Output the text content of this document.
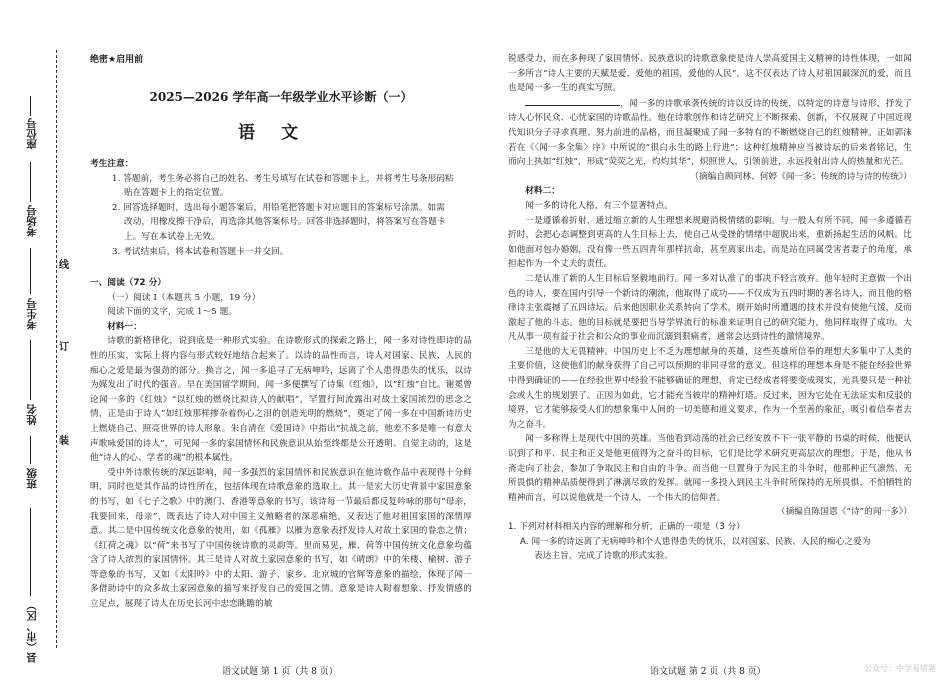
座位号
考场号
考生号
姓名
班级
县（市、区）
线
订
装
绝密★启用前
2025—2026 学年高一年级学业水平诊断（一）
语文

考生注意：

1. 答题前，考生务必将自己的姓名、考生号填写在试卷和答题卡上，并将考生号条形码粘

贴在答题卡上的指定位置。

2. 回答选择题时，选出每小题答案后，用铅笔把答题卡对应题目的答案标号涂黑。如需

改动，用橡皮擦干净后，再选涂其他答案标号。回答非选择题时，将答案写在答题卡

上。写在本试卷上无效。

3. 考试结束后，将本试卷和答题卡一并交回。

一、阅读（72 分）

（一）阅读 Ⅰ（本题共 5 小题，19 分）

阅读下面的文字，完成 1～5 题。

材料一：

诗歌的新格律化，说到底是一种形式实验。在诗歌形式的探索之路上，闻一多对诗性即诗的品性的压实，实际上将内容与形式较好地结合起来了。以诗的品性而言，诗人对国家、民族、人民的痴心之爱是最为强劲的部分。换言之，闻一多追寻了无病呻吟，远离了个人患得患失的忧乐，以诗为媒发出了时代的强音。早在美国留学期间，闻一多便撰写了诗集《红烛》，以“红烛”自比。谢冕曾论闻一多的《红烛》“以红烛的燃烧比拟诗人的献唱”，罕置行间流露出对故土家国浓烈的思念之情，正是由于诗人“如红烛那样掺杂着伤心之泪的创造光明的燃烧”，奠定了闻一多在中国新诗历史上燃烧自己、照亮世界的诗人形象。朱自清在《爱国诗》中指出“抗战之前，他差不多是唯一有意大声歌咏爱国的诗人”，可见闻一多的家国情怀和民族意识从始至终都是公开透明、自觉主动的，这是他“诗人的心、学者的魂”的根本属性。

受中外诗歌传统的深远影响，闻一多强烈的家国情怀和民族意识在他诗歌作品中表现得十分鲜明，同时也是其作品的诗性所在，包括体现在诗歌意象的选取上。其一是宏大历史背景中家国意象的书写，如《七子之歌》中的澳门、香港等意象的书写，该诗每一节最后都反复吟咏的那句“母亲，我要回来，母亲”，既表达了诗人对中国主义殖略者的深恶痛绝，又表达了他对祖国家国的深情厚意。其二是中国传统文化意象的使用，如《孤雁》以雁为意象表抒发诗人对故土家国的眷恋之情；《红荷之魂》以“荷”来书写了中国传统诗歌的灵韵等。里而易见，雁、荷等中国传统文化意象均蕴含了诗人浓烈的家国情怀。其三是诗人对故土家园意象的书写，如《晴朗》中的朱楼、榆树、游子等意象的书写，又如《太阳吟》中的太阳、游子、家乡、北京城的官辉等意象的描绘，体现了闻一多借助诗中的众多故土家园意象的描写来抒发自己的爱国之情。意象是诗人附着想象、抒发情感的立足点，展现了诗人在历史长河中忠恋眺瞻的敏

语文试题 第 1 页（共 8 页）

锐感受力，而在多种现了家国情怀、民族意识的诗歌意象使是诗人崇高爱国主义精神的诗性体现，一如闻一多所言“诗人主要的天赋是爱，爱他的祖国，爱他的人民”，这不仅表达了诗人对祖国最深沉的爱，而且也是闻一多一生的真实写照。

，闻一多的诗歌承袭传统的诗以反诗的传统，以特定的诗意与诗形，抒发了诗人心怀民众、心忧家国的诗歌品性。他在诗歌创作和诗艺研究上不断探索、创新，不仅展现了中国近现代知识分子寻求真理、努力前进的品格，而且凝聚成了闻一多特有的不断燃烧自己的红烛精神。正如郭沫若在《〈闻一多全集〉序》中所说的“很白永生的路上行进”；这种红烛精神应当被诗坛的后来者铭记，生而向上执如“红烛”，形成“荧荧之光，灼灼其华”，炽照世人，引领前进，永远投射出诗人的热量和光芒。

（摘编自顾同林、何婷《闻一多：传统的诗与诗的传统》）

材料二：

闻一多的诗化人格，有三个显著特点。

一是遵循着折射，通过缩立新的人生理想来规避消极情绪的影响。与一般人有所不同，闻一多遵循若折时，会把心态调整到更高的人生目标上去，使自己从受挫的情绪中超脱出来，重新扬起生活的风帆。比如他面对包办婚姻，没有像一些五四青年那样抗命，甚至离家出走，而是站在同属受害者妻子的角度，承担起作为一个丈夫的责任。

二是认准了新的人生目标后坚毅地前行。闻一多对认准了的事决不轻言放弃。他年轻时主意做一个出色的诗人，要在国内引导一个新诗的潮流，他取得了成功——不仅成为五四时期的著名诗人，而且他的格律诗主张震撼了五四诗坛。后来他因职业关系转向了学术，刚开始时所遭遇的技术并没有使他气馁，反而激起了他的斗志。他的目标就是要把当导学界流行的标准来证明自己的研究能力，他同样取得了成功。大凡从事一项有益于社会和公众的事业而沉溺到狠痛者，通常会达到诗性的激情境界。

三是他的大无畏精神。中国历史上不乏为理想献身的英雄，这些英雄所信奉的理想大多集中了人类的主要价值，这使他们的献身获得了自己可以预期的非同寻常的意义。但这样的理想本身是不能在经验世界中得到确证的——在经验世界中经验不能够确证的理想，肯定已经成者将要变成现实，光具要只是一种社会或人生的规划罢了。正因为如此，它才能充当彼岸的精神灯塔。反过来，因为它处在无法证实和反驳的境界，它才能够接受人们的想象集中人间的一切美德和道义要求，作为一个至善的象征，吸引着信奉者去为之奋斗。

闻一多称得上是现代中国的英雄。当他看到动荡的社会已经安放不下一张平静的书桌的时候，他便认识到了和平、民主和正义是他更值得为之奋斗的目标，它们是比学术研究更高层次的理想。于是，他从书斋走向了社会，参加了争取民主和自由的斗争。而当他一旦置身于为民主的斗争时，他那种正气凛然、无所畏惧的精神品质便得到了淋漓尽致的发挥。就闻一多投入到民主斗争时所保持的无所畏惧、不怕牺牲的精神而言，可以说他就是一个诗人，一个伟大的信仰者。

（摘编自陈国恩《“诗”的闻一多》）

1. 下列对材料相关内容的理解和分析，正确的一项是（3 分）

A. 闻一多的诗远离了无病呻吟和个人患得患失的忧乐，以对国家、民族、人民的痴心之爱为

表达主旨，完成了诗歌的形式实验。

语文试题 第 2 页（共 8 页）	公众号：中学易错题
